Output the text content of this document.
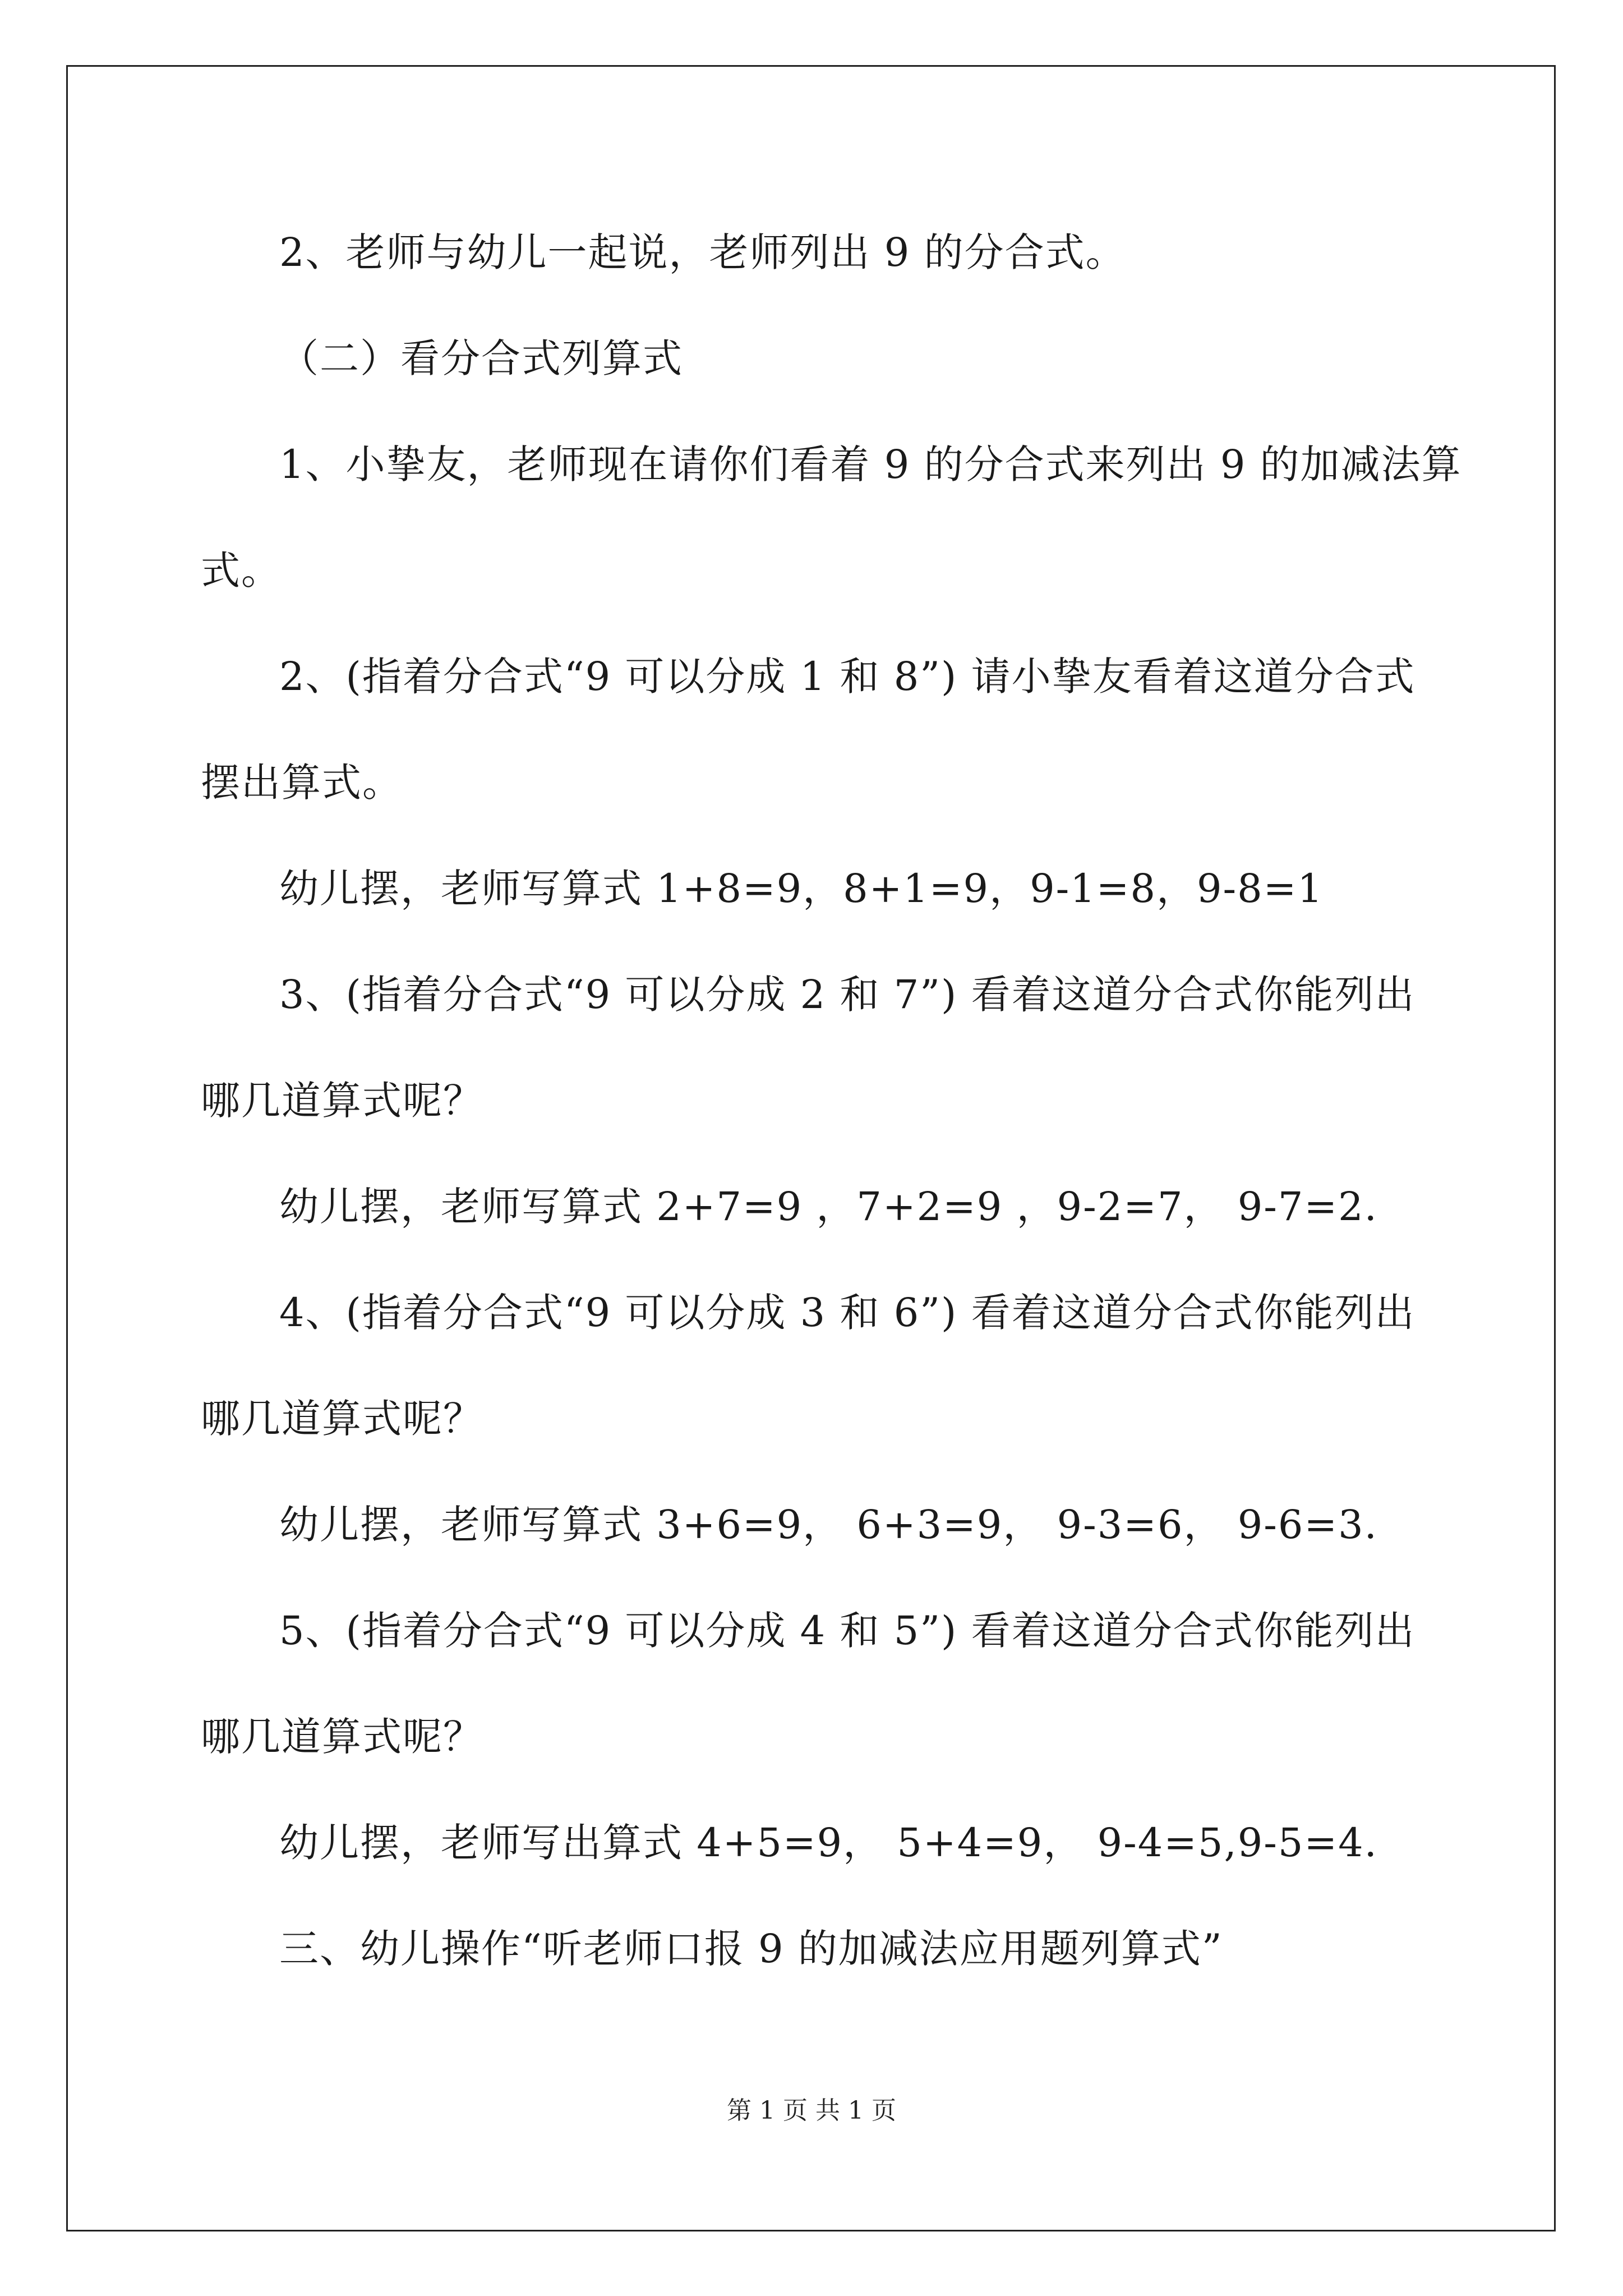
2、老师与幼儿一起说，老师列出 9 的分合式。
（二）看分合式列算式
1、小挚友，老师现在请你们看着 9 的分合式来列出 9 的加减法算
式。
2、(指着分合式“9 可以分成 1 和 8”) 请小挚友看着这道分合式
摆出算式。
幼儿摆，老师写算式 1+8=9，8+1=9，9-1=8，9-8=1
3、(指着分合式“9 可以分成 2 和 7”) 看着这道分合式你能列出
哪几道算式呢？
幼儿摆，老师写算式 2+7=9 ，7+2=9 ，9-2=7， 9-7=2.
4、(指着分合式“9 可以分成 3 和 6”) 看着这道分合式你能列出
哪几道算式呢？
幼儿摆，老师写算式 3+6=9， 6+3=9， 9-3=6， 9-6=3.
5、(指着分合式“9 可以分成 4 和 5”) 看着这道分合式你能列出
哪几道算式呢？
幼儿摆，老师写出算式 4+5=9， 5+4=9， 9-4=5,9-5=4.
三、幼儿操作“听老师口报 9 的加减法应用题列算式”
第 1 页 共 1 页
